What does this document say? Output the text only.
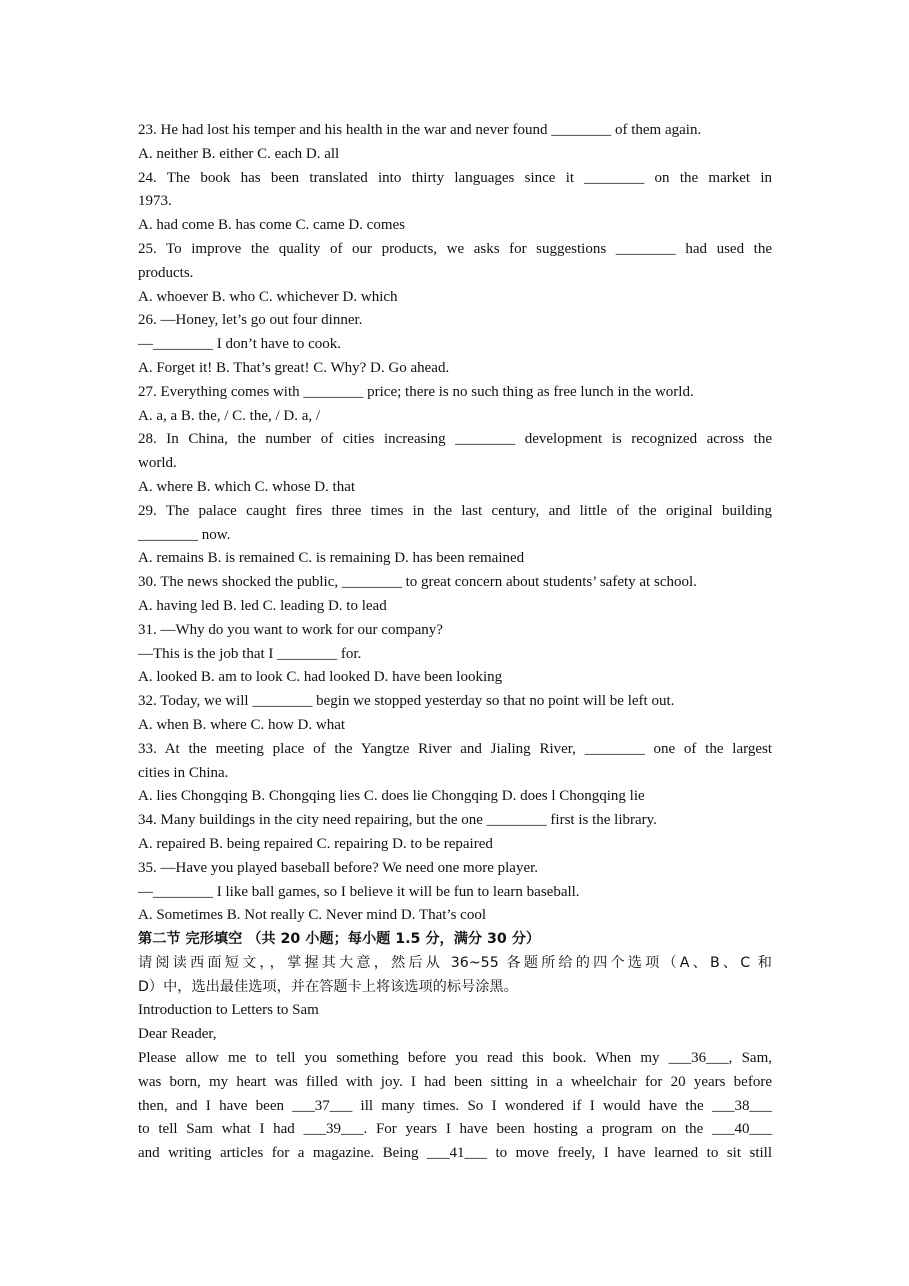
23. He had lost his temper and his health in the war and never found ________ of them again.
A. neither B. either C. each D. all
24. The book has been translated into thirty languages since it ________ on the market in
1973.
A. had come B. has come C. came D. comes
25. To improve the quality of our products, we asks for suggestions ________ had used the
products.
A. whoever B. who C. whichever D. which
26. —Honey, let’s go out four dinner.
—________ I don’t have to cook.
A. Forget it! B. That’s great! C. Why? D. Go ahead.
27. Everything comes with ________ price; there is no such thing as free lunch in the world.
A. a, a B. the, / C. the, / D. a, /
28. In China, the number of cities increasing ________ development is recognized across the
world.
A. where B. which C. whose D. that
29. The palace caught fires three times in the last century, and little of the original building
________ now.
A. remains B. is remained C. is remaining D. has been remained
30. The news shocked the public, ________ to great concern about students’ safety at school.
A. having led B. led C. leading D. to lead
31. —Why do you want to work for our company?
—This is the job that I ________ for.
A. looked B. am to look C. had looked D. have been looking
32. Today, we will ________ begin we stopped yesterday so that no point will be left out.
A. when B. where C. how D. what
33. At the meeting place of the Yangtze River and Jialing River, ________ one of the largest
cities in China.
A. lies Chongqing B. Chongqing lies C. does lie Chongqing D. does l Chongqing lie
34. Many buildings in the city need repairing, but the one ________ first is the library.
A. repaired B. being repaired C. repairing D. to be repaired
35. —Have you played baseball before? We need one more player.
—________ I like ball games, so I believe it will be fun to learn baseball.
A. Sometimes B. Not really C. Never mind D. That’s cool
第二节 完形填空 （共 20 小题；每小题 1.5 分，满分 30 分）
请阅读西面短文，，掌握其大意，然后从 36~55 各题所给的四个选项（A、B、C 和
D）中，选出最佳选项，并在答题卡上将该选项的标号涂黑。
Introduction to Letters to Sam
Dear Reader,
Please allow me to tell you something before you read this book. When my ___36___, Sam,
was born, my heart was filled with joy. I had been sitting in a wheelchair for 20 years before
then, and I have been ___37___ ill many times. So I wondered if I would have the ___38___
to tell Sam what I had ___39___. For years I have been hosting a program on the ___40___
and writing articles for a magazine. Being ___41___ to move freely, I have learned to sit still
